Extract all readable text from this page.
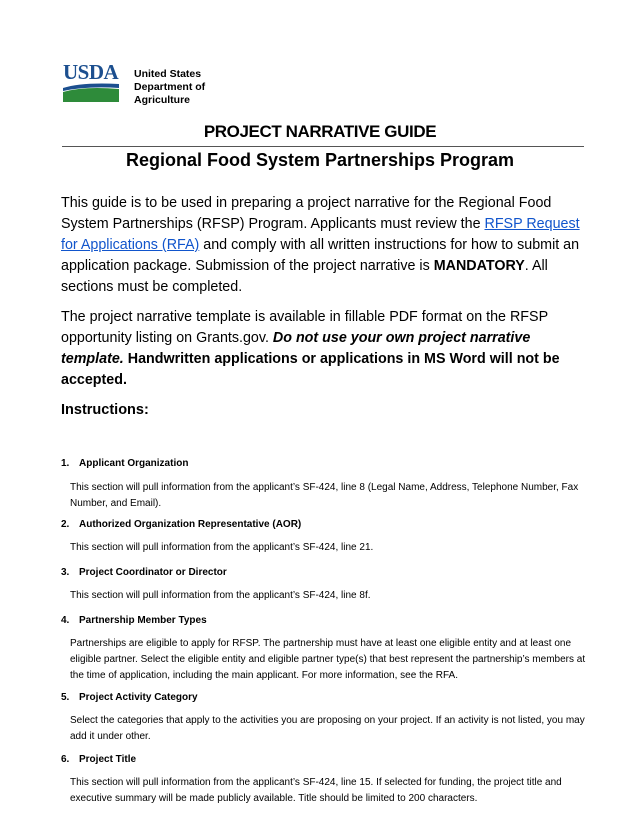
USDA United States
Department of
Agriculture
PROJECT NARRATIVE GUIDE
Regional Food System Partnerships Program
This guide is to be used in preparing a project narrative for the Regional Food System Partnerships (RFSP) Program. Applicants must review the RFSP Request for Applications (RFA) and comply with all written instructions for how to submit an application package. Submission of the project narrative is MANDATORY. All sections must be completed.
The project narrative template is available in fillable PDF format on the RFSP opportunity listing on Grants.gov. Do not use your own project narrative template. Handwritten applications or applications in MS Word will not be accepted.
Instructions:
1. Applicant Organization
This section will pull information from the applicant’s SF-424, line 8 (Legal Name, Address, Telephone Number, Fax Number, and Email).
2. Authorized Organization Representative (AOR)
This section will pull information from the applicant’s SF-424, line 21.
3. Project Coordinator or Director
This section will pull information from the applicant’s SF-424, line 8f.
4. Partnership Member Types
Partnerships are eligible to apply for RFSP. The partnership must have at least one eligible entity and at least one eligible partner. Select the eligible entity and eligible partner type(s) that best represent the partnership’s members at the time of application, including the main applicant. For more information, see the RFA.
5. Project Activity Category
Select the categories that apply to the activities you are proposing on your project. If an activity is not listed, you may add it under other.
6. Project Title
This section will pull information from the applicant’s SF-424, line 15. If selected for funding, the project title and executive summary will be made publicly available. Title should be limited to 200 characters.
